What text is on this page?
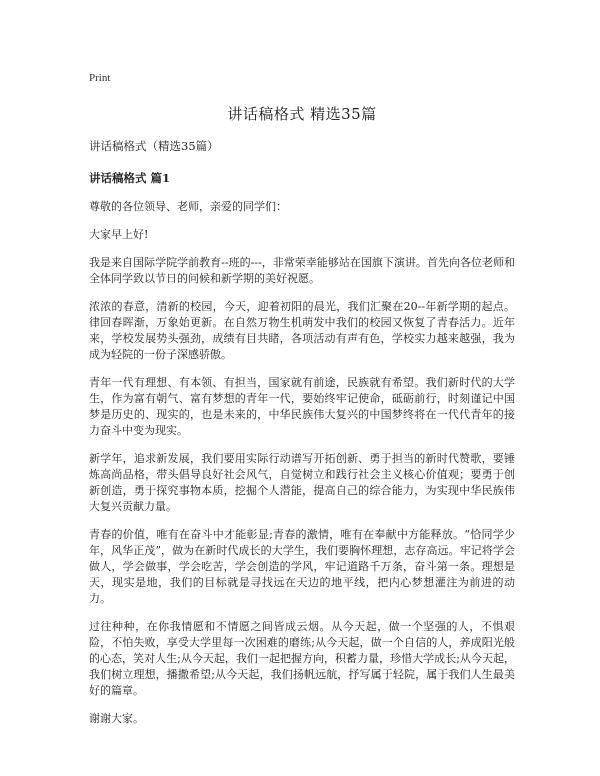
Print
讲话稿格式 精选35篇

讲话稿格式（精选35篇）

讲话稿格式 篇1

尊敬的各位领导、老师，亲爱的同学们：

大家早上好!

我是来自国际学院学前教育--班的---，非常荣幸能够站在国旗下演讲。首先向各位老师和全体同学致以节日的问候和新学期的美好祝愿。

浓浓的春意，清新的校园，今天，迎着初阳的晨光，我们汇聚在20--年新学期的起点。律回春晖渐，万象始更新。在自然万物生机萌发中我们的校园又恢复了青春活力。近年来，学校发展势头强劲，成绩有目共睹，各项活动有声有色，学校实力越来越强，我为成为轻院的一份子深感骄傲。

青年一代有理想、有本领、有担当，国家就有前途，民族就有希望。我们新时代的大学生，作为富有朝气、富有梦想的青年一代，要始终牢记使命，砥砺前行，时刻谨记中国梦是历史的、现实的，也是未来的，中华民族伟大复兴的中国梦终将在一代代青年的接力奋斗中变为现实。

新学年，追求新发展，我们要用实际行动谱写开拓创新、勇于担当的新时代赞歌，要锤炼高尚品格，带头倡导良好社会风气，自觉树立和践行社会主义核心价值观；要勇于创新创造，勇于探究事物本质，挖掘个人潜能，提高自己的综合能力，为实现中华民族伟大复兴贡献力量。

青春的价值，唯有在奋斗中才能彰显;青春的激情，唯有在奉献中方能释放。“恰同学少年，风华正茂”，做为在新时代成长的大学生，我们要胸怀理想，志存高远。牢记将学会做人，学会做事，学会吃苦，学会创造的学风，牢记道路千万条，奋斗第一条。理想是天，现实是地，我们的目标就是寻找远在天边的地平线，把内心梦想灌注为前进的动力。

过往种种，在你我情愿和不情愿之间皆成云烟。从今天起，做一个坚强的人，不惧艰险，不怕失败，享受大学里每一次困难的磨练;从今天起，做一个自信的人，养成阳光般的心态，笑对人生;从今天起，我们一起把握方向，积蓄力量，珍惜大学成长;从今天起，我们树立理想，播撒希望;从今天起，我们扬帆远航，抒写属于轻院，属于我们人生最美好的篇章。

谢谢大家。
